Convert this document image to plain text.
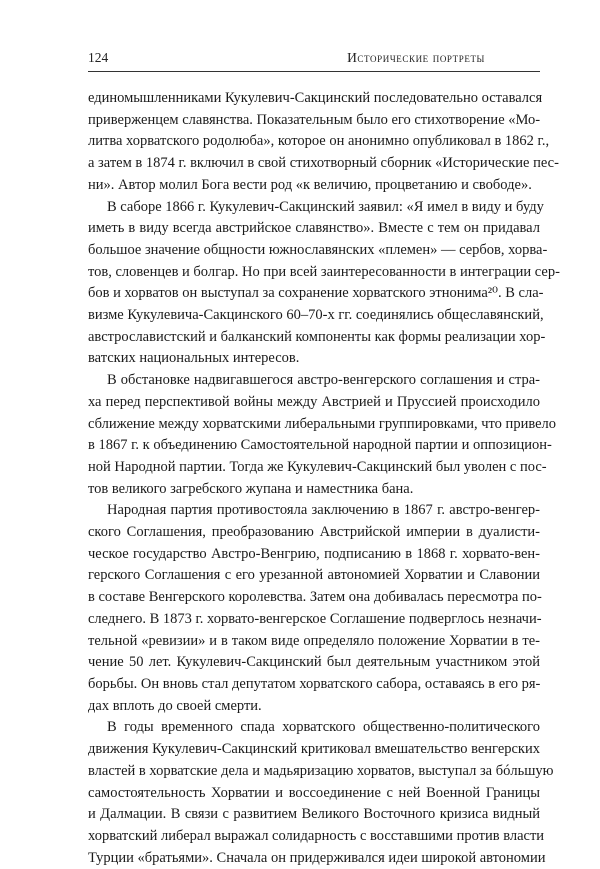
124	Исторические портреты
единомышленниками Кукулевич-Сакцинский последовательно оставался
приверженцем славянства. Показательным было его стихотворение «Мо-
литва хорватского родолюба», которое он анонимно опубликовал в 1862 г.,
а затем в 1874 г. включил в свой стихотворный сборник «Исторические пес-
ни». Автор молил Бога вести род «к величию, процветанию и свободе».
В саборе 1866 г. Кукулевич-Сакцинский заявил: «Я имел в виду и буду
иметь в виду всегда австрийское славянство». Вместе с тем он придавал
большое значение общности южнославянских «племен» — сербов, хорва-
тов, словенцев и болгар. Но при всей заинтересованности в интеграции сер-
бов и хорватов он выступал за сохранение хорватского этнонима²⁰. В сла-
визме Кукулевича-Сакцинского 60–70-х гг. соединялись общеславянский,
австрославистский и балканский компоненты как формы реализации хор-
ватских национальных интересов.
В обстановке надвигавшегося австро-венгерского соглашения и стра-
ха перед перспективой войны между Австрией и Пруссией происходило
сближение между хорватскими либеральными группировками, что привело
в 1867 г. к объединению Самостоятельной народной партии и оппозицион-
ной Народной партии. Тогда же Кукулевич-Сакцинский был уволен с пос-
тов великого загребского жупана и наместника бана.
Народная партия противостояла заключению в 1867 г. австро-венгер-
ского Соглашения, преобразованию Австрийской империи в дуалисти-
ческое государство Австро-Венгрию, подписанию в 1868 г. хорвато-вен-
герского Соглашения с его урезанной автономией Хорватии и Славонии
в составе Венгерского королевства. Затем она добивалась пересмотра по-
следнего. В 1873 г. хорвато-венгерское Соглашение подверглось незначи-
тельной «ревизии» и в таком виде определяло положение Хорватии в те-
чение 50 лет. Кукулевич-Сакцинский был деятельным участником этой
борьбы. Он вновь стал депутатом хорватского сабора, оставаясь в его ря-
дах вплоть до своей смерти.
В годы временного спада хорватского общественно-политического
движения Кукулевич-Сакцинский критиковал вмешательство венгерских
властей в хорватские дела и мадьяризацию хорватов, выступал за бóльшую
самостоятельность Хорватии и воссоединение с ней Военной Границы
и Далмации. В связи с развитием Великого Восточного кризиса видный
хорватский либерал выражал солидарность с восставшими против власти
Турции «братьями». Сначала он придерживался идеи широкой автономии
